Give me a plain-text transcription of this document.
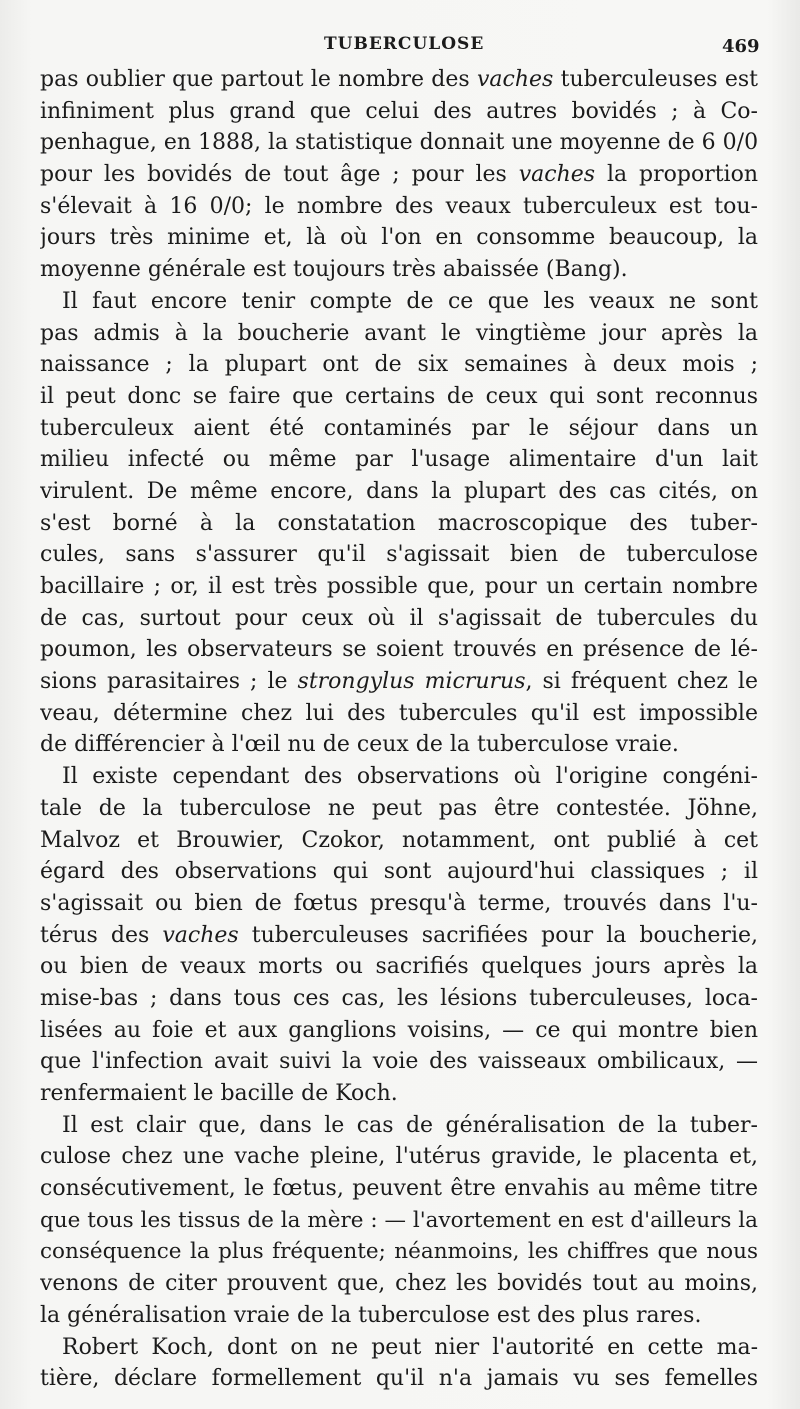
TUBERCULOSE	469
pas oublier que partout le nombre des vaches tuberculeuses est
infiniment plus grand que celui des autres bovidés ; à Co-
penhague, en 1888, la statistique donnait une moyenne de 6 0/0
pour les bovidés de tout âge ; pour les vaches la proportion
s'élevait à 16 0/0; le nombre des veaux tuberculeux est tou-
jours très minime et, là où l'on en consomme beaucoup, la
moyenne générale est toujours très abaissée (Bang).
Il faut encore tenir compte de ce que les veaux ne sont
pas admis à la boucherie avant le vingtième jour après la
naissance ; la plupart ont de six semaines à deux mois ;
il peut donc se faire que certains de ceux qui sont reconnus
tuberculeux aient été contaminés par le séjour dans un
milieu infecté ou même par l'usage alimentaire d'un lait
virulent. De même encore, dans la plupart des cas cités, on
s'est borné à la constatation macroscopique des tuber-
cules, sans s'assurer qu'il s'agissait bien de tuberculose
bacillaire ; or, il est très possible que, pour un certain nombre
de cas, surtout pour ceux où il s'agissait de tubercules du
poumon, les observateurs se soient trouvés en présence de lé-
sions parasitaires ; le strongylus micrurus, si fréquent chez le
veau, détermine chez lui des tubercules qu'il est impossible
de différencier à l'œil nu de ceux de la tuberculose vraie.
Il existe cependant des observations où l'origine congéni-
tale de la tuberculose ne peut pas être contestée. Jöhne,
Malvoz et Brouwier, Czokor, notamment, ont publié à cet
égard des observations qui sont aujourd'hui classiques ; il
s'agissait ou bien de fœtus presqu'à terme, trouvés dans l'u-
térus des vaches tuberculeuses sacrifiées pour la boucherie,
ou bien de veaux morts ou sacrifiés quelques jours après la
mise-bas ; dans tous ces cas, les lésions tuberculeuses, loca-
lisées au foie et aux ganglions voisins, — ce qui montre bien
que l'infection avait suivi la voie des vaisseaux ombilicaux, —
renfermaient le bacille de Koch.
Il est clair que, dans le cas de généralisation de la tuber-
culose chez une vache pleine, l'utérus gravide, le placenta et,
consécutivement, le fœtus, peuvent être envahis au même titre
que tous les tissus de la mère : — l'avortement en est d'ailleurs la
conséquence la plus fréquente; néanmoins, les chiffres que nous
venons de citer prouvent que, chez les bovidés tout au moins,
la généralisation vraie de la tuberculose est des plus rares.
Robert Koch, dont on ne peut nier l'autorité en cette ma-
tière, déclare formellement qu'il n'a jamais vu ses femelles
